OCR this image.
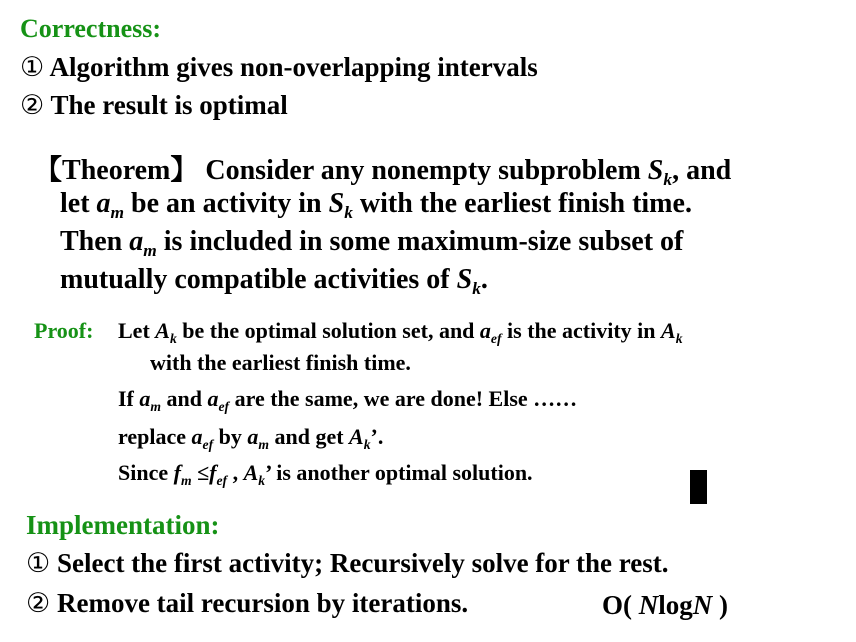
Correctness:
① Algorithm gives non-overlapping intervals
② The result is optimal
【Theorem】 Consider any nonempty subproblem $S_k$, and
let $a_m$ be an activity in $S_k$ with the earliest finish time.
Then $a_m$ is included in some maximum-size subset of
mutually compatible activities of $S_k$.
Proof: Let $A_k$ be the optimal solution set, and $a_{ef}$ is the activity in $A_k$
with the earliest finish time.
If $a_m$ and $a_{ef}$ are the same, we are done! Else ……
replace $a_{ef}$ by $a_m$ and get $A_k$’.
Since $f_m \le f_{ef}$ , $A_k$’ is another optimal solution.
Implementation:
① Select the first activity; Recursively solve for the rest.
② Remove tail recursion by iterations.	O( NlogN )
